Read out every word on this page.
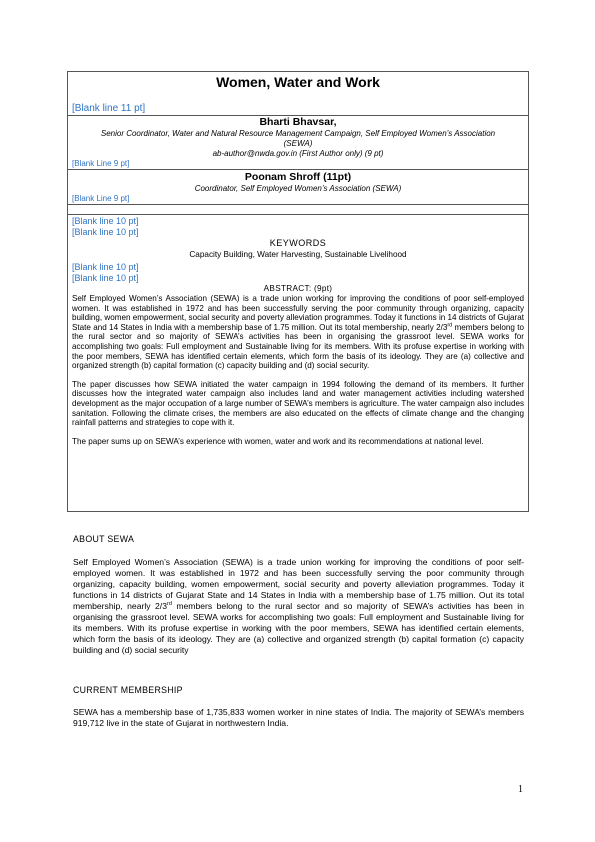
Women, Water and Work
[Blank line 11 pt]
Bharti Bhavsar,
Senior Coordinator, Water and Natural Resource Management Campaign, Self Employed Women’s Association
(SEWA)
ab-author@nwda.gov.in (First Author only) (9 pt)
[Blank Line 9 pt]
Poonam Shroff (11pt)
Coordinator, Self Employed Women’s Association (SEWA)
[Blank Line 9 pt]
[Blank line 10 pt]
[Blank line 10 pt]
KEYWORDS
Capacity Building, Water Harvesting, Sustainable Livelihood
[Blank line 10 pt]
[Blank line 10 pt]
ABSTRACT: (9pt)

Self Employed Women’s Association (SEWA) is a trade union working for improving the conditions of poor self-employed women. It was established in 1972 and has been successfully serving the poor community through organizing, capacity building, women empowerment, social security and poverty alleviation programmes. Today it functions in 14 districts of Gujarat State and 14 States in India with a membership base of 1.75 million. Out its total membership, nearly 2/3rd members belong to the rural sector and so majority of SEWA’s activities has been in organising the grassroot level. SEWA works for accomplishing two goals: Full employment and Sustainable living for its members. With its profuse expertise in working with the poor members, SEWA has identified certain elements, which form the basis of its ideology. They are (a) collective and organized strength (b) capital formation (c) capacity building and (d) social security.

The paper discusses how SEWA initiated the water campaign in 1994 following the demand of its members. It further discusses how the integrated water campaign also includes land and water management activities including watershed development as the major occupation of a large number of SEWA’s members is agriculture. The water campaign also includes sanitation. Following the climate crises, the members are also educated on the effects of climate change and the changing rainfall patterns and strategies to cope with it.

The paper sums up on SEWA’s experience with women, water and work and its recommendations at national level.

ABOUT SEWA

Self Employed Women’s Association (SEWA) is a trade union working for improving the conditions of poor self-employed women. It was established in 1972 and has been successfully serving the poor community through organizing, capacity building, women empowerment, social security and poverty alleviation programmes. Today it functions in 14 districts of Gujarat State and 14 States in India with a membership base of 1.75 million. Out its total membership, nearly 2/3rd members belong to the rural sector and so majority of SEWA’s activities has been in organising the grassroot level. SEWA works for accomplishing two goals: Full employment and Sustainable living for its members. With its profuse expertise in working with the poor members, SEWA has identified certain elements, which form the basis of its ideology. They are (a) collective and organized strength (b) capital formation (c) capacity building and (d) social security

CURRENT MEMBERSHIP

SEWA has a membership base of 1,735,833 women worker in nine states of India. The majority of SEWA’s members 919,712 live in the state of Gujarat in northwestern India.

1
